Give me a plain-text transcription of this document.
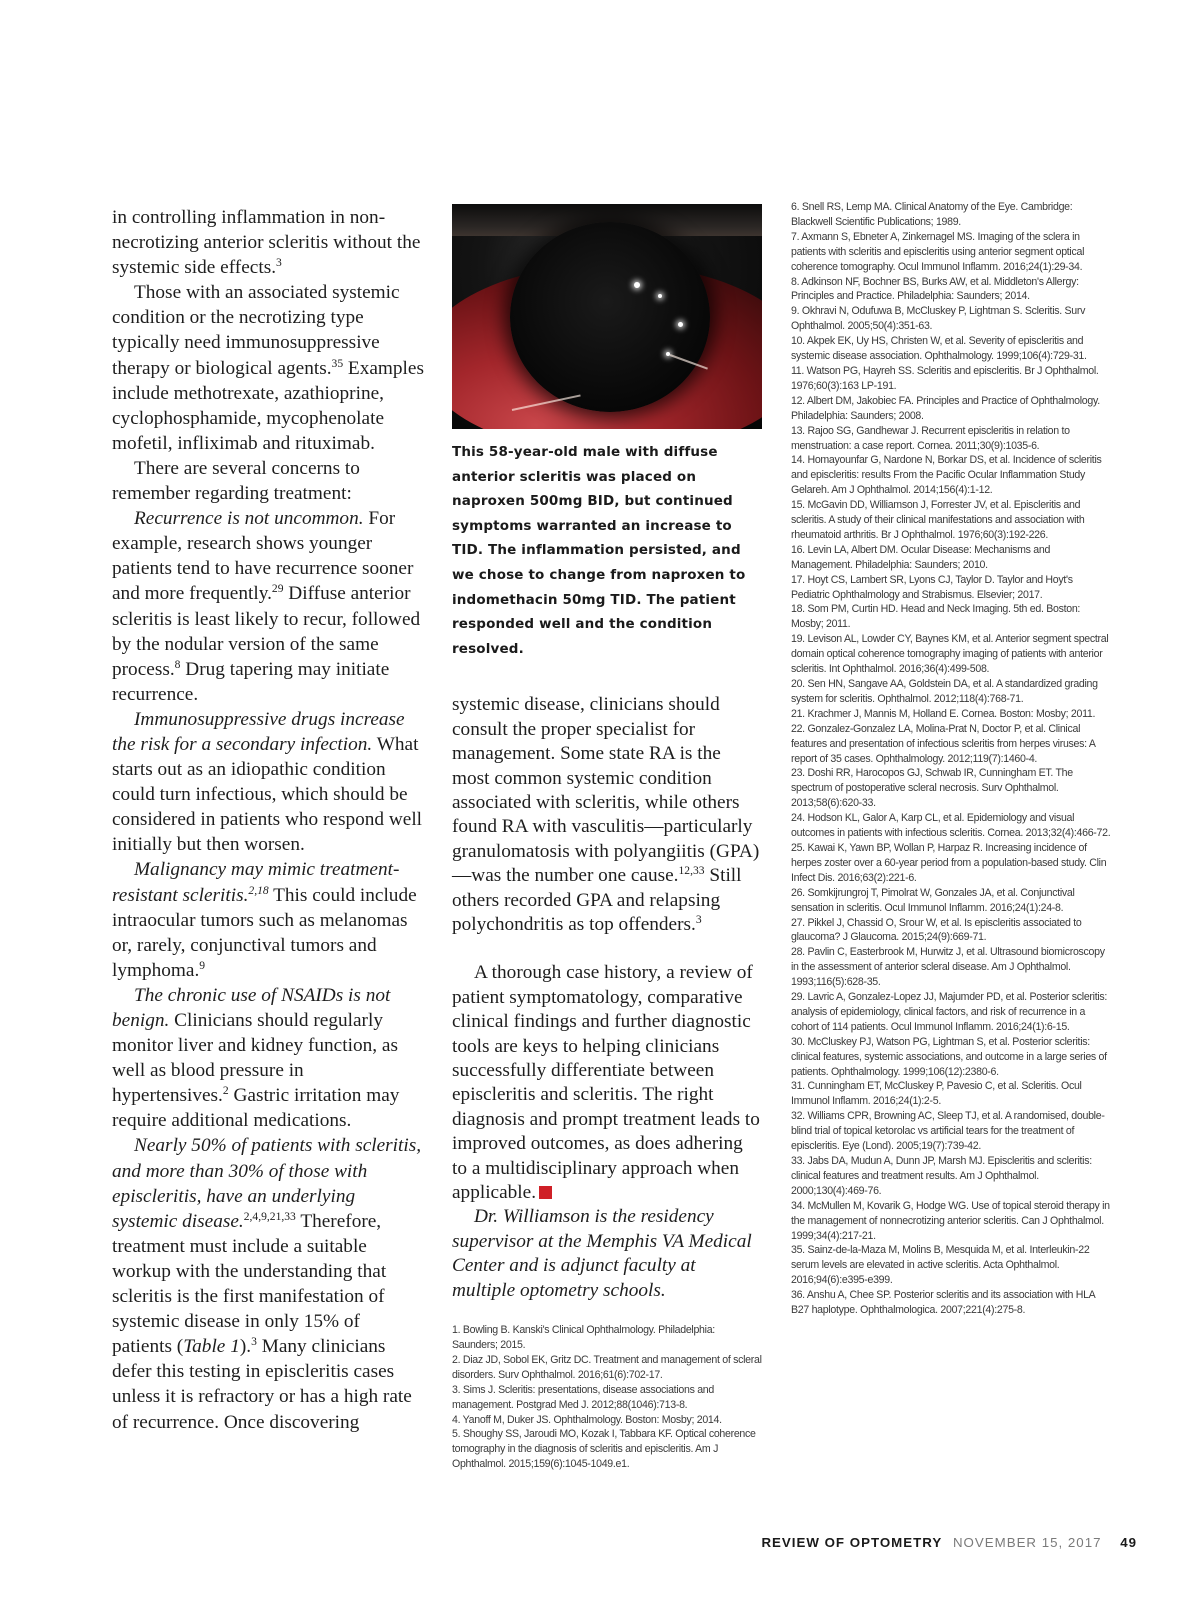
in controlling inflammation in non-necrotizing anterior scleritis without the systemic side effects.$^3$

Those with an associated systemic condition or the necrotizing type typically need immunosuppressive therapy or biological agents.$^{35}$ Examples include methotrexate, azathioprine, cyclophosphamide, mycophenolate mofetil, infliximab and rituximab.

There are several concerns to remember regarding treatment:

Recurrence is not uncommon. For example, research shows younger patients tend to have recurrence sooner and more frequently.$^{29}$ Diffuse anterior scleritis is least likely to recur, followed by the nodular version of the same process.$^8$ Drug tapering may initiate recurrence.

Immunosuppressive drugs increase the risk for a secondary infection. What starts out as an idiopathic condition could turn infectious, which should be considered in patients who respond well initially but then worsen.

Malignancy may mimic treatment-resistant scleritis.$^{2,18}$ This could include intraocular tumors such as melanomas or, rarely, conjunctival tumors and lymphoma.$^9$

The chronic use of NSAIDs is not benign. Clinicians should regularly monitor liver and kidney function, as well as blood pressure in hypertensives.$^2$ Gastric irritation may require additional medications.

Nearly 50% of patients with scleritis, and more than 30% of those with episcleritis, have an underlying systemic disease.$^{2,4,9,21,33}$ Therefore, treatment must include a suitable workup with the understanding that scleritis is the first manifestation of systemic disease in only 15% of patients (Table 1).$^3$ Many clinicians defer this testing in episcleritis cases unless it is refractory or has a high rate of recurrence. Once discovering

This 58-year-old male with diffuse anterior scleritis was placed on naproxen 500mg BID, but continued symptoms warranted an increase to TID. The inflammation persisted, and we chose to change from naproxen to indomethacin 50mg TID. The patient responded well and the condition resolved.

systemic disease, clinicians should consult the proper specialist for management. Some state RA is the most common systemic condition associated with scleritis, while others found RA with vasculitis—particularly granulomatosis with polyangiitis (GPA)—was the number one cause.$^{12,33}$ Still others recorded GPA and relapsing polychondritis as top offenders.$^3$

A thorough case history, a review of patient symptomatology, comparative clinical findings and further diagnostic tools are keys to helping clinicians successfully differentiate between episcleritis and scleritis. The right diagnosis and prompt treatment leads to improved outcomes, as does adhering to a multidisciplinary approach when applicable.

Dr. Williamson is the residency supervisor at the Memphis VA Medical Center and is adjunct faculty at multiple optometry schools.

1. Bowling B. Kanski's Clinical Ophthalmology. Philadelphia: Saunders; 2015.
2. Diaz JD, Sobol EK, Gritz DC. Treatment and management of scleral disorders. Surv Ophthalmol. 2016;61(6):702-17.
3. Sims J. Scleritis: presentations, disease associations and management. Postgrad Med J. 2012;88(1046):713-8.
4. Yanoff M, Duker JS. Ophthalmology. Boston: Mosby; 2014.
5. Shoughy SS, Jaroudi MO, Kozak I, Tabbara KF. Optical coherence tomography in the diagnosis of scleritis and episcleritis. Am J Ophthalmol. 2015;159(6):1045-1049.e1.
6. Snell RS, Lemp MA. Clinical Anatomy of the Eye. Cambridge: Blackwell Scientific Publications; 1989.
7. Axmann S, Ebneter A, Zinkernagel MS. Imaging of the sclera in patients with scleritis and episcleritis using anterior segment optical coherence tomography. Ocul Immunol Inflamm. 2016;24(1):29-34.
8. Adkinson NF, Bochner BS, Burks AW, et al. Middleton's Allergy: Principles and Practice. Philadelphia: Saunders; 2014.
9. Okhravi N, Odufuwa B, McCluskey P, Lightman S. Scleritis. Surv Ophthalmol. 2005;50(4):351-63.
10. Akpek EK, Uy HS, Christen W, et al. Severity of episcleritis and systemic disease association. Ophthalmology. 1999;106(4):729-31.
11. Watson PG, Hayreh SS. Scleritis and episcleritis. Br J Ophthalmol. 1976;60(3):163 LP-191.
12. Albert DM, Jakobiec FA. Principles and Practice of Ophthalmology. Philadelphia: Saunders; 2008.
13. Rajoo SG, Gandhewar J. Recurrent episcleritis in relation to menstruation: a case report. Cornea. 2011;30(9):1035-6.
14. Homayounfar G, Nardone N, Borkar DS, et al. Incidence of scleritis and episcleritis: results From the Pacific Ocular Inflammation Study Gelareh. Am J Ophthalmol. 2014;156(4):1-12.
15. McGavin DD, Williamson J, Forrester JV, et al. Episcleritis and scleritis. A study of their clinical manifestations and association with rheumatoid arthritis. Br J Ophthalmol. 1976;60(3):192-226.
16. Levin LA, Albert DM. Ocular Disease: Mechanisms and Management. Philadelphia: Saunders; 2010.
17. Hoyt CS, Lambert SR, Lyons CJ, Taylor D. Taylor and Hoyt's Pediatric Ophthalmology and Strabismus. Elsevier; 2017.
18. Som PM, Curtin HD. Head and Neck Imaging. 5th ed. Boston: Mosby; 2011.
19. Levison AL, Lowder CY, Baynes KM, et al. Anterior segment spectral domain optical coherence tomography imaging of patients with anterior scleritis. Int Ophthalmol. 2016;36(4):499-508.
20. Sen HN, Sangave AA, Goldstein DA, et al. A standardized grading system for scleritis. Ophthalmol. 2012;118(4):768-71.
21. Krachmer J, Mannis M, Holland E. Cornea. Boston: Mosby; 2011.
22. Gonzalez-Gonzalez LA, Molina-Prat N, Doctor P, et al. Clinical features and presentation of infectious scleritis from herpes viruses: A report of 35 cases. Ophthalmology. 2012;119(7):1460-4.
23. Doshi RR, Harocopos GJ, Schwab IR, Cunningham ET. The spectrum of postoperative scleral necrosis. Surv Ophthalmol. 2013;58(6):620-33.
24. Hodson KL, Galor A, Karp CL, et al. Epidemiology and visual outcomes in patients with infectious scleritis. Cornea. 2013;32(4):466-72.
25. Kawai K, Yawn BP, Wollan P, Harpaz R. Increasing incidence of herpes zoster over a 60-year period from a population-based study. Clin Infect Dis. 2016;63(2):221-6.
26. Somkijrungroj T, Pimolrat W, Gonzales JA, et al. Conjunctival sensation in scleritis. Ocul Immunol Inflamm. 2016;24(1):24-8.
27. Pikkel J, Chassid O, Srour W, et al. Is episcleritis associated to glaucoma? J Glaucoma. 2015;24(9):669-71.
28. Pavlin C, Easterbrook M, Hurwitz J, et al. Ultrasound biomicroscopy in the assessment of anterior scleral disease. Am J Ophthalmol. 1993;116(5):628-35.
29. Lavric A, Gonzalez-Lopez JJ, Majumder PD, et al. Posterior scleritis: analysis of epidemiology, clinical factors, and risk of recurrence in a cohort of 114 patients. Ocul Immunol Inflamm. 2016;24(1):6-15.
30. McCluskey PJ, Watson PG, Lightman S, et al. Posterior scleritis: clinical features, systemic associations, and outcome in a large series of patients. Ophthalmology. 1999;106(12):2380-6.
31. Cunningham ET, McCluskey P, Pavesio C, et al. Scleritis. Ocul Immunol Inflamm. 2016;24(1):2-5.
32. Williams CPR, Browning AC, Sleep TJ, et al. A randomised, double-blind trial of topical ketorolac vs artificial tears for the treatment of episcleritis. Eye (Lond). 2005;19(7):739-42.
33. Jabs DA, Mudun A, Dunn JP, Marsh MJ. Episcleritis and scleritis: clinical features and treatment results. Am J Ophthalmol. 2000;130(4):469-76.
34. McMullen M, Kovarik G, Hodge WG. Use of topical steroid therapy in the management of nonnecrotizing anterior scleritis. Can J Ophthalmol. 1999;34(4):217-21.
35. Sainz-de-la-Maza M, Molins B, Mesquida M, et al. Interleukin-22 serum levels are elevated in active scleritis. Acta Ophthalmol. 2016;94(6):e395-e399.
36. Anshu A, Chee SP. Posterior scleritis and its association with HLA B27 haplotype. Ophthalmologica. 2007;221(4):275-8.
REVIEW OF OPTOMETRY NOVEMBER 15, 2017 49
